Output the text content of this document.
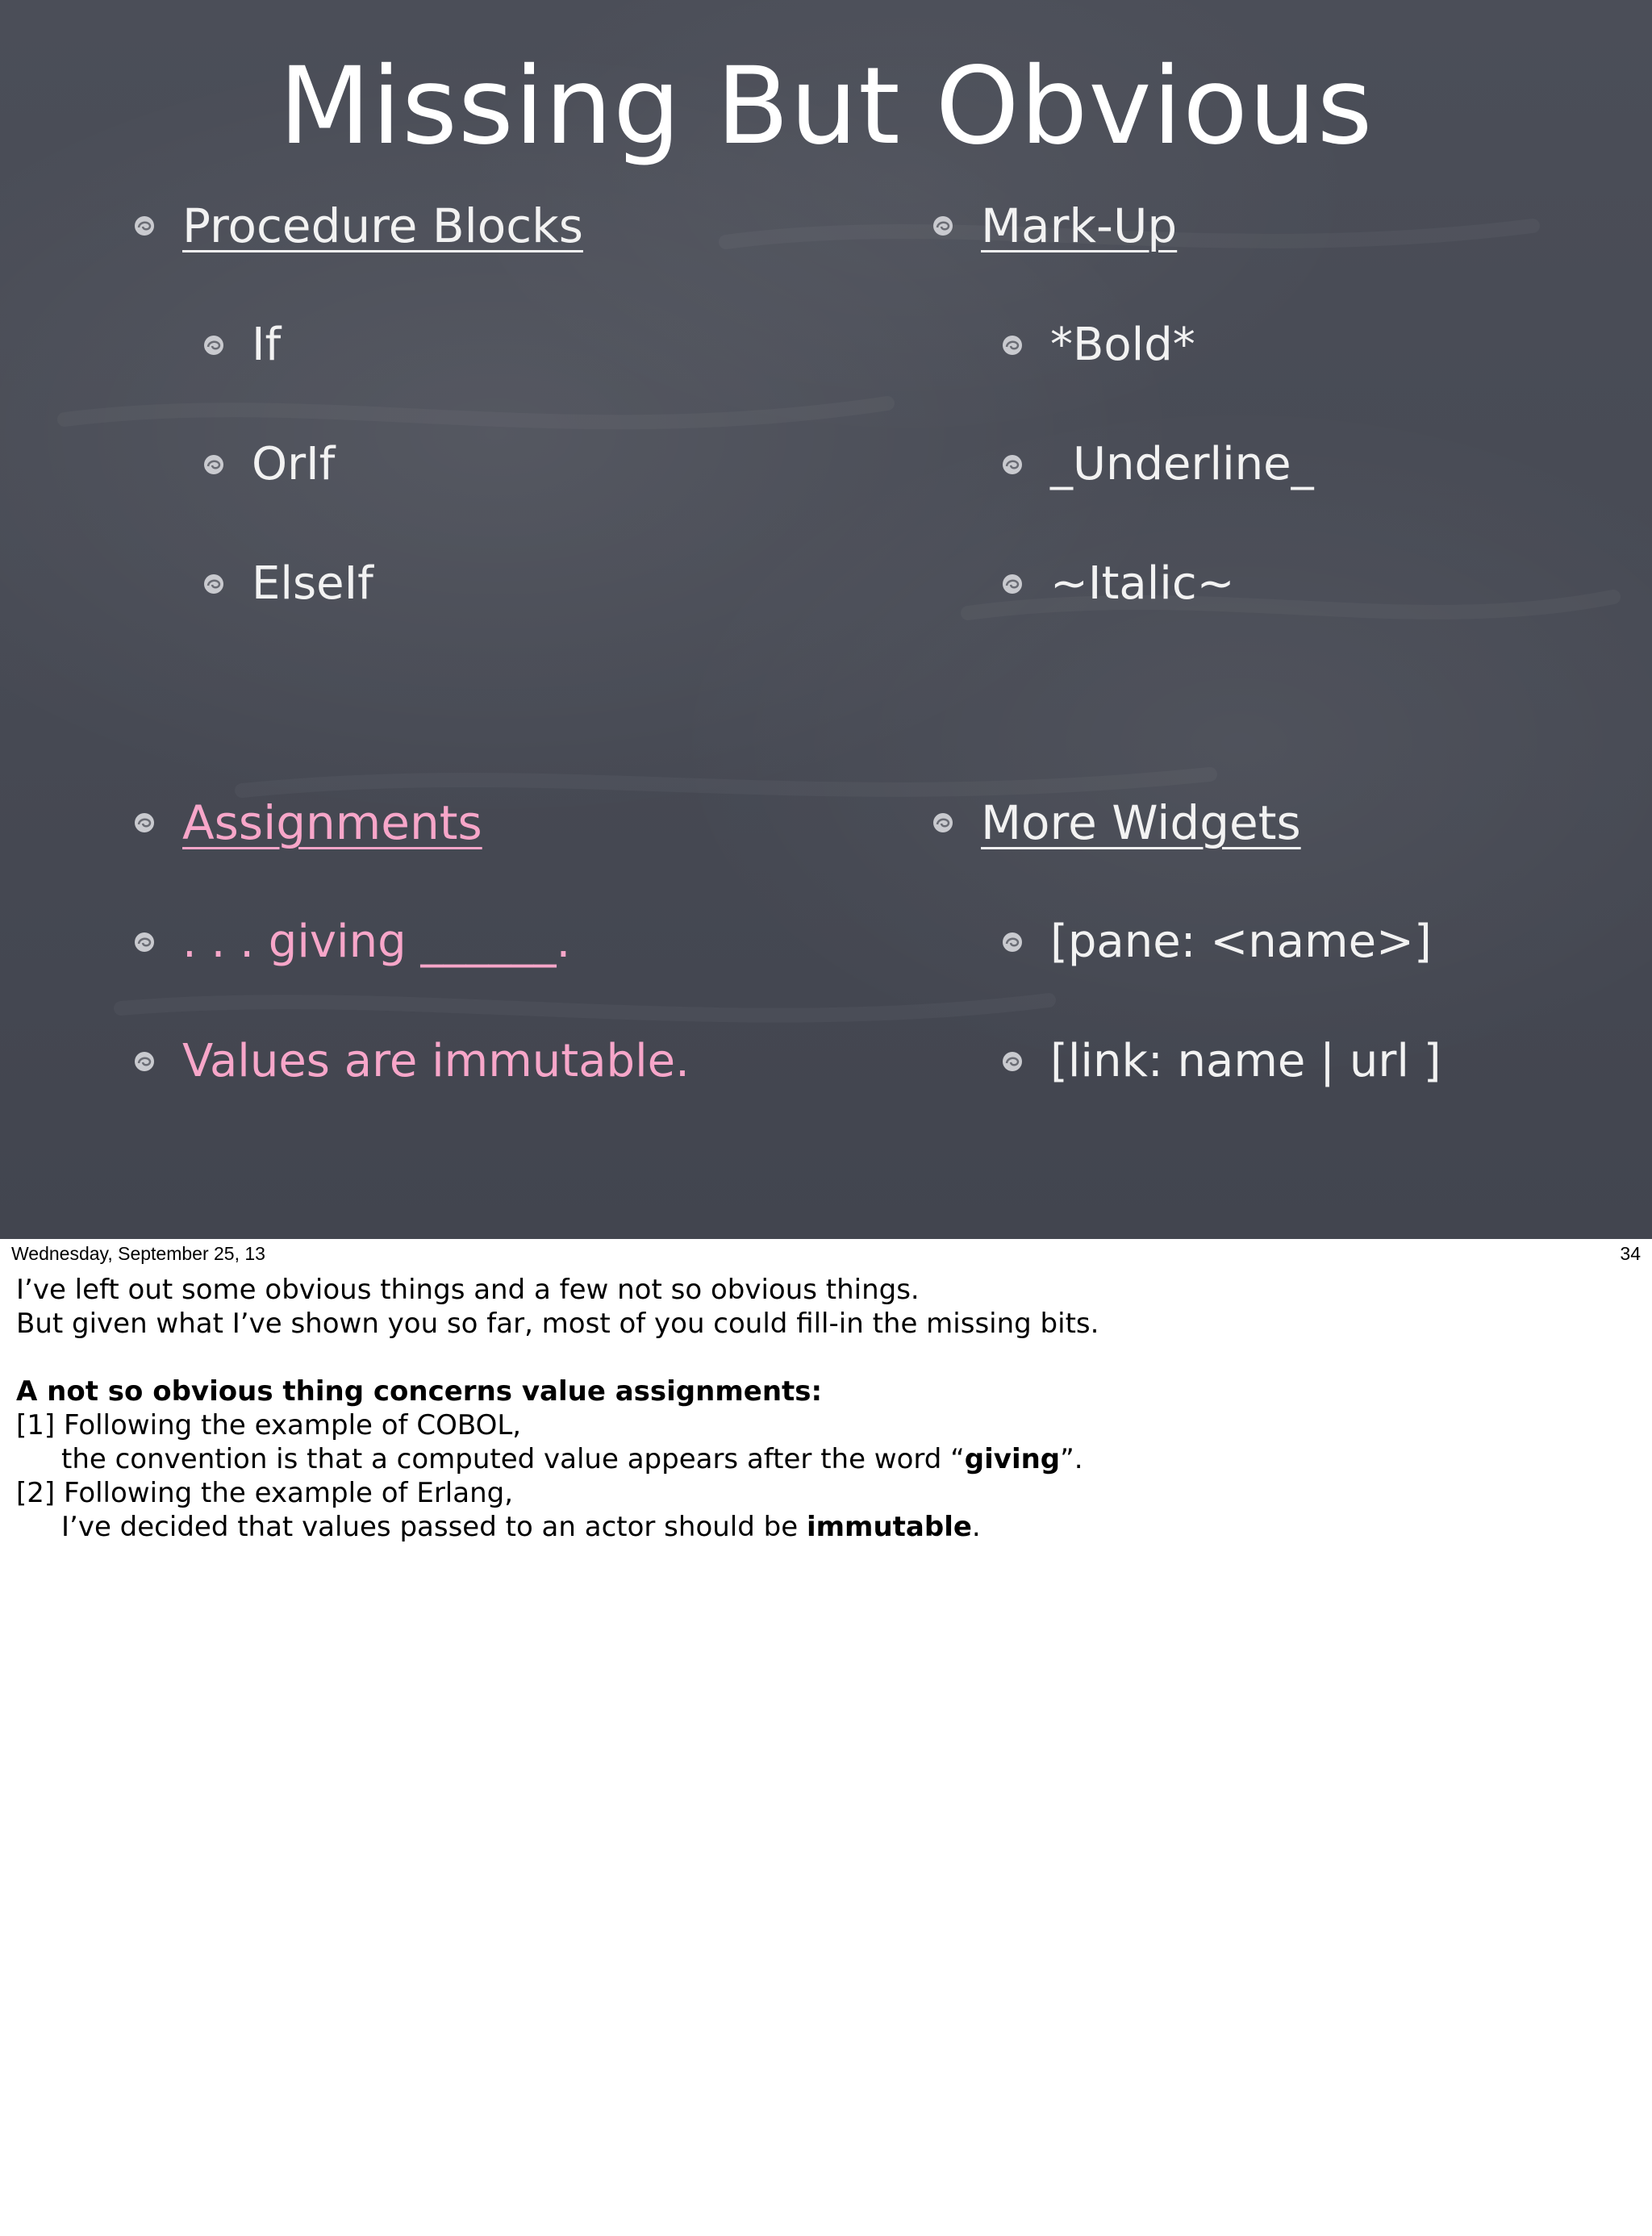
Missing But Obvious
Procedure Blocks
If
OrIf
ElseIf
Assignments
. . . giving ______.
Values are immutable.
Mark-Up
*Bold*
_Underline_
~Italic~
More Widgets
[pane: <name>]
[link: name | url ]
Wednesday, September 25, 13	34
I’ve left out some obvious things and a few not so obvious things.
But given what I’ve shown you so far, most of you could fill-in the missing bits.
A not so obvious thing concerns value assignments:
[1] Following the example of COBOL,
the convention is that a computed value appears after the word “giving”.
[2] Following the example of Erlang,
I’ve decided that values passed to an actor should be immutable.
